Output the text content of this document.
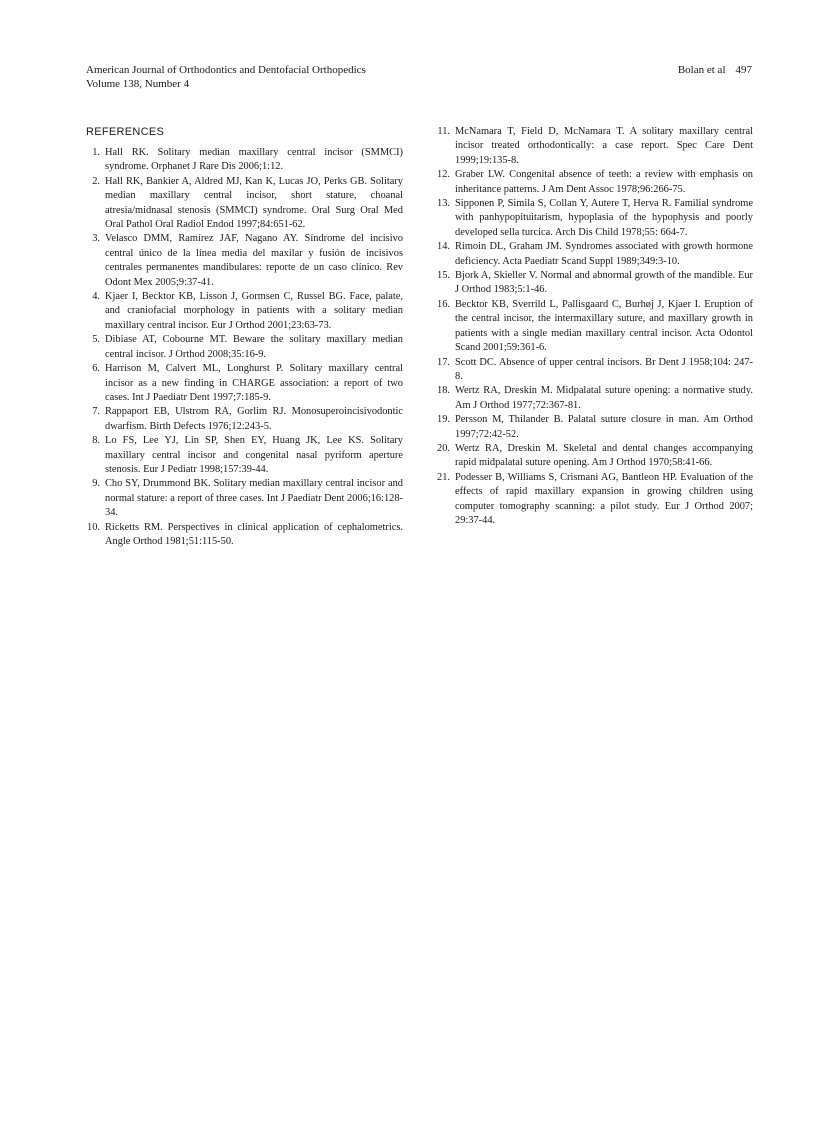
American Journal of Orthodontics and Dentofacial Orthopedics
Volume 138, Number 4
Bolan et al 497
REFERENCES
1. Hall RK. Solitary median maxillary central incisor (SMMCI) syndrome. Orphanet J Rare Dis 2006;1:12.
2. Hall RK, Bankier A, Aldred MJ, Kan K, Lucas JO, Perks GB. Solitary median maxillary central incisor, short stature, choanal atresia/midnasal stenosis (SMMCI) syndrome. Oral Surg Oral Med Oral Pathol Oral Radiol Endod 1997;84:651-62.
3. Velasco DMM, Ramírez JAF, Nagano AY. Síndrome del incisivo central único de la línea media del maxilar y fusión de incisivos centrales permanentes mandibulares: reporte de un caso clínico. Rev Odont Mex 2005;9:37-41.
4. Kjaer I, Becktor KB, Lisson J, Gormsen C, Russel BG. Face, palate, and craniofacial morphology in patients with a solitary median maxillary central incisor. Eur J Orthod 2001;23:63-73.
5. Dibiase AT, Cobourne MT. Beware the solitary maxillary median central incisor. J Orthod 2008;35:16-9.
6. Harrison M, Calvert ML, Longhurst P. Solitary maxillary central incisor as a new finding in CHARGE association: a report of two cases. Int J Paediatr Dent 1997;7:185-9.
7. Rappaport EB, Ulstrom RA, Gorlim RJ. Monosuperoincisivodontic dwarfism. Birth Defects 1976;12:243-5.
8. Lo FS, Lee YJ, Lin SP, Shen EY, Huang JK, Lee KS. Solitary maxillary central incisor and congenital nasal pyriform aperture stenosis. Eur J Pediatr 1998;157:39-44.
9. Cho SY, Drummond BK. Solitary median maxillary central incisor and normal stature: a report of three cases. Int J Paediatr Dent 2006;16:128-34.
10. Ricketts RM. Perspectives in clinical application of cephalometrics. Angle Orthod 1981;51:115-50.
11. McNamara T, Field D, McNamara T. A solitary maxillary central incisor treated orthodontically: a case report. Spec Care Dent 1999;19:135-8.
12. Graber LW. Congenital absence of teeth: a review with emphasis on inheritance patterns. J Am Dent Assoc 1978;96:266-75.
13. Sipponen P, Simila S, Collan Y, Autere T, Herva R. Familial syndrome with panhypopituitarism, hypoplasia of the hypophysis and poorly developed sella turcica. Arch Dis Child 1978;55: 664-7.
14. Rimoin DL, Graham JM. Syndromes associated with growth hormone deficiency. Acta Paediatr Scand Suppl 1989;349:3-10.
15. Bjork A, Skieller V. Normal and abnormal growth of the mandible. Eur J Orthod 1983;5:1-46.
16. Becktor KB, Sverrild L, Pallisgaard C, Burhøj J, Kjaer I. Eruption of the central incisor, the intermaxillary suture, and maxillary growth in patients with a single median maxillary central incisor. Acta Odontol Scand 2001;59:361-6.
17. Scott DC. Absence of upper central incisors. Br Dent J 1958;104: 247-8.
18. Wertz RA, Dreskin M. Midpalatal suture opening: a normative study. Am J Orthod 1977;72:367-81.
19. Persson M, Thilander B. Palatal suture closure in man. Am Orthod 1997;72:42-52.
20. Wertz RA, Dreskin M. Skeletal and dental changes accompanying rapid midpalatal suture opening. Am J Orthod 1970;58:41-66.
21. Podesser B, Williams S, Crismani AG, Bantleon HP. Evaluation of the effects of rapid maxillary expansion in growing children using computer tomography scanning: a pilot study. Eur J Orthod 2007; 29:37-44.
